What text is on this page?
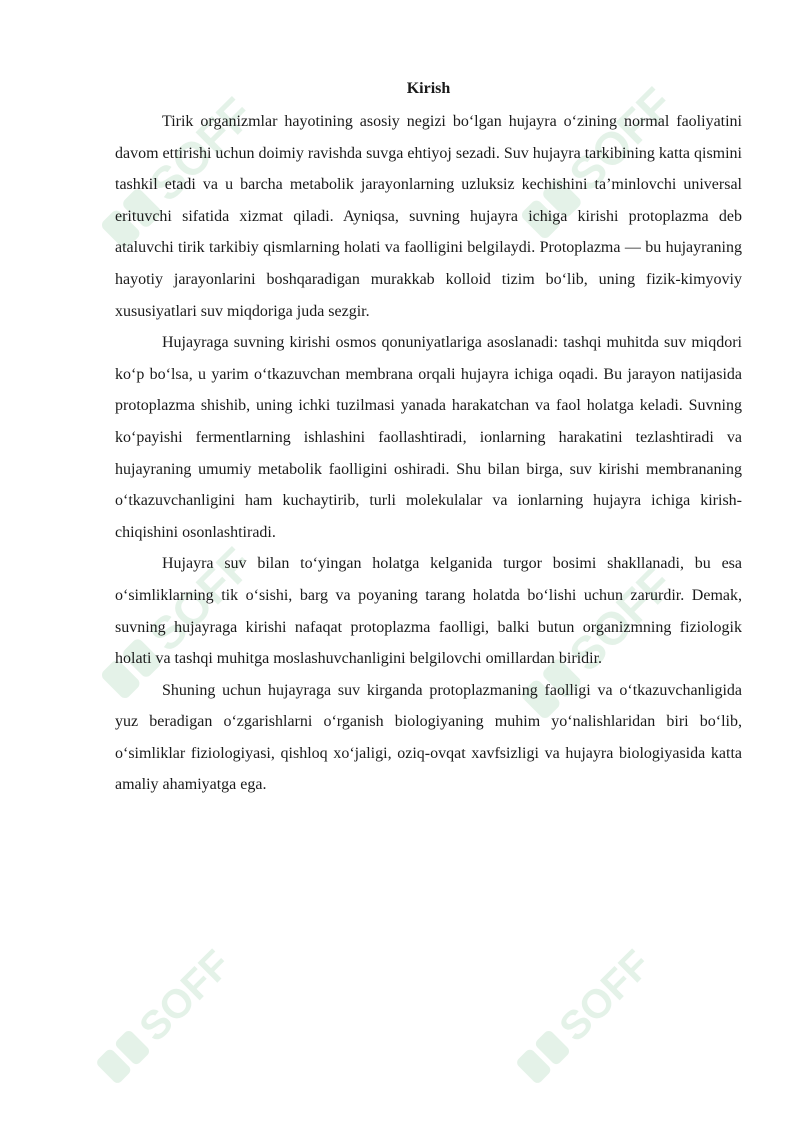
SOFF	SOFF
SOFF	SOFF
SOFF	SOFF
Kirish

Tirik organizmlar hayotining asosiy negizi bo‘lgan hujayra o‘zining normal faoliyatini davom ettirishi uchun doimiy ravishda suvga ehtiyoj sezadi. Suv hujayra tarkibining katta qismini tashkil etadi va u barcha metabolik jarayonlarning uzluksiz kechishini ta’minlovchi universal erituvchi sifatida xizmat qiladi. Ayniqsa, suvning hujayra ichiga kirishi protoplazma deb ataluvchi tirik tarkibiy qismlarning holati va faolligini belgilaydi. Protoplazma — bu hujayraning hayotiy jarayonlarini boshqaradigan murakkab kolloid tizim bo‘lib, uning fizik-kimyoviy xususiyatlari suv miqdoriga juda sezgir.

Hujayraga suvning kirishi osmos qonuniyatlariga asoslanadi: tashqi muhitda suv miqdori ko‘p bo‘lsa, u yarim o‘tkazuvchan membrana orqali hujayra ichiga oqadi. Bu jarayon natijasida protoplazma shishib, uning ichki tuzilmasi yanada harakatchan va faol holatga keladi. Suvning ko‘payishi fermentlarning ishlashini faollashtiradi, ionlarning harakatini tezlashtiradi va hujayraning umumiy metabolik faolligini oshiradi. Shu bilan birga, suv kirishi membrananing o‘tkazuvchanligini ham kuchaytirib, turli molekulalar va ionlarning hujayra ichiga kirish-chiqishini osonlashtiradi.

Hujayra suv bilan to‘yingan holatga kelganida turgor bosimi shakllanadi, bu esa o‘simliklarning tik o‘sishi, barg va poyaning tarang holatda bo‘lishi uchun zarurdir. Demak, suvning hujayraga kirishi nafaqat protoplazma faolligi, balki butun organizmning fiziologik holati va tashqi muhitga moslashuvchanligini belgilovchi omillardan biridir.

Shuning uchun hujayraga suv kirganda protoplazmaning faolligi va o‘tkazuvchanligida yuz beradigan o‘zgarishlarni o‘rganish biologiyaning muhim yo‘nalishlaridan biri bo‘lib, o‘simliklar fiziologiyasi, qishloq xo‘jaligi, oziq-ovqat xavfsizligi va hujayra biologiyasida katta amaliy ahamiyatga ega.
